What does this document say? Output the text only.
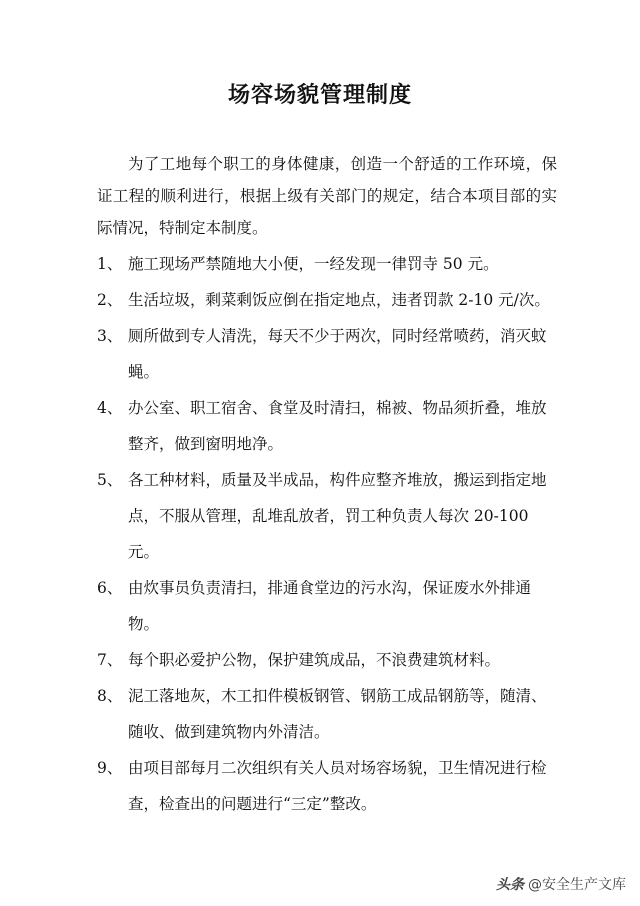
场容场貌管理制度
为了工地每个职工的身体健康，创造一个舒适的工作环境，保证工程的顺利进行，根据上级有关部门的规定，结合本项目部的实际情况，特制定本制度。
1、 施工现场严禁随地大小便，一经发现一律罚寺 50 元。
2、 生活垃圾，剩菜剩饭应倒在指定地点，违者罚款 2-10 元/次。
3、 厕所做到专人清洗，每天不少于两次，同时经常喷药，消灭蚊蝇。
4、 办公室、职工宿舍、食堂及时清扫，棉被、物品须折叠，堆放整齐，做到窗明地净。
5、 各工种材料，质量及半成品，构件应整齐堆放，搬运到指定地点，不服从管理，乱堆乱放者，罚工种负责人每次 20-100 元。
6、 由炊事员负责清扫，排通食堂边的污水沟，保证废水外排通物。
7、 每个职必爱护公物，保护建筑成品，不浪费建筑材料。
8、 泥工落地灰，木工扣件模板钢管、钢筋工成品钢筋等，随清、随收、做到建筑物内外清洁。
9、 由项目部每月二次组织有关人员对场容场貌，卫生情况进行检查，检查出的问题进行“三定”整改。
头条 @安全生产文库
